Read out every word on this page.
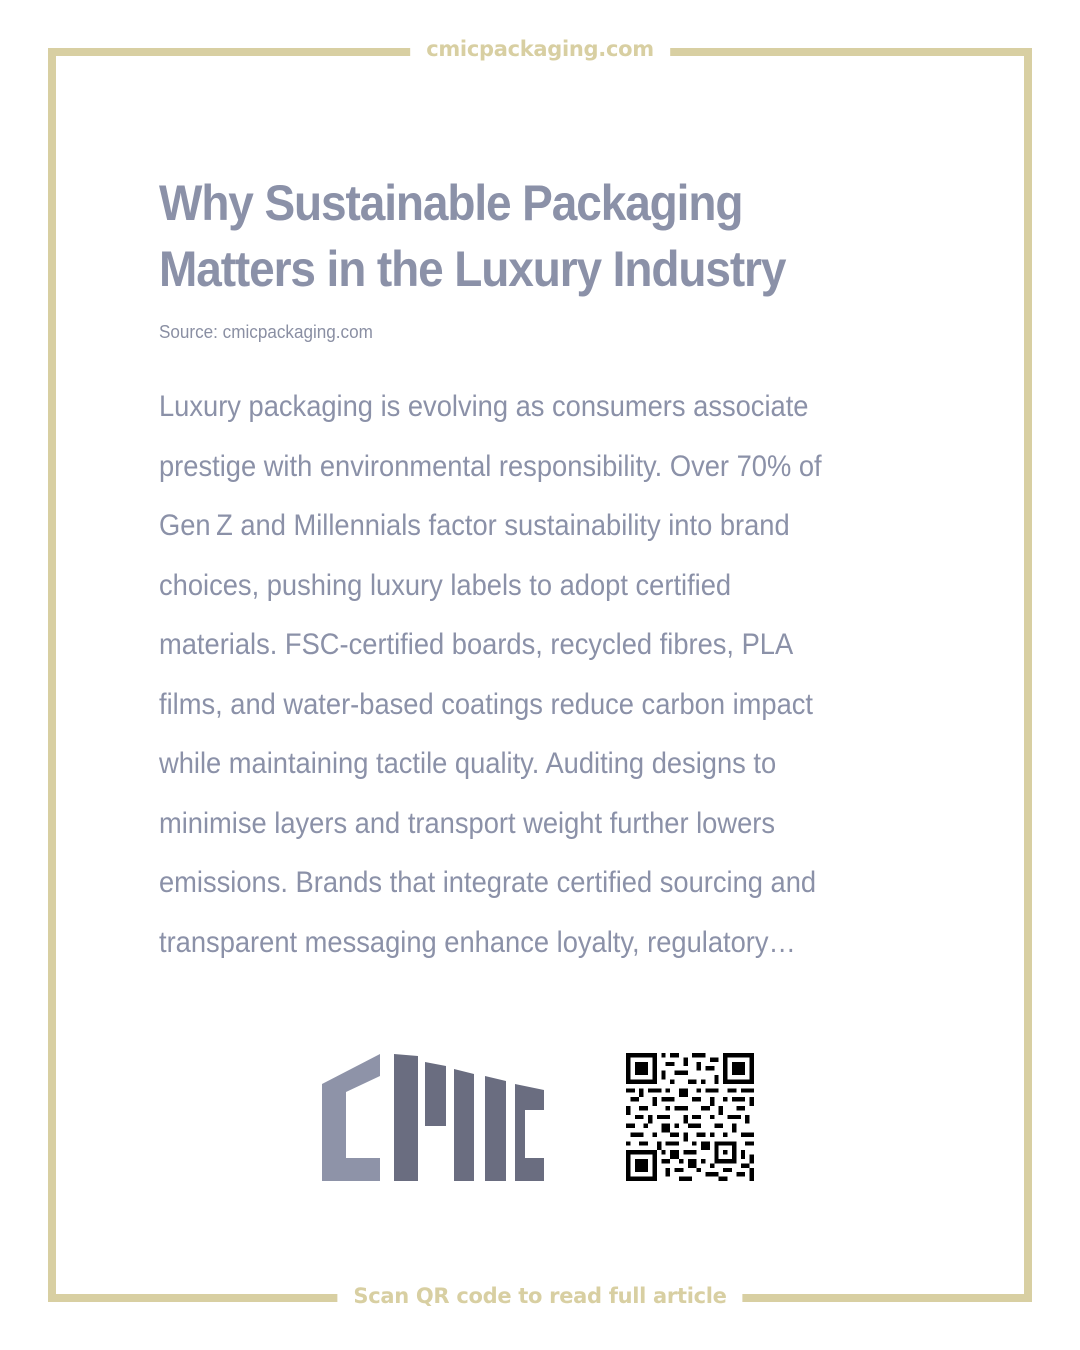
cmicpackaging.com
Why Sustainable Packaging
Matters in the Luxury Industry
Source: cmicpackaging.com

Luxury packaging is evolving as consumers associate
prestige with environmental responsibility. Over 70% of
Gen Z and Millennials factor sustainability into brand
choices, pushing luxury labels to adopt certified
materials. FSC-certified boards, recycled fibres, PLA
films, and water-based coatings reduce carbon impact
while maintaining tactile quality. Auditing designs to
minimise layers and transport weight further lowers
emissions. Brands that integrate certified sourcing and
transparent messaging enhance loyalty, regulatory…

Scan QR code to read full article
